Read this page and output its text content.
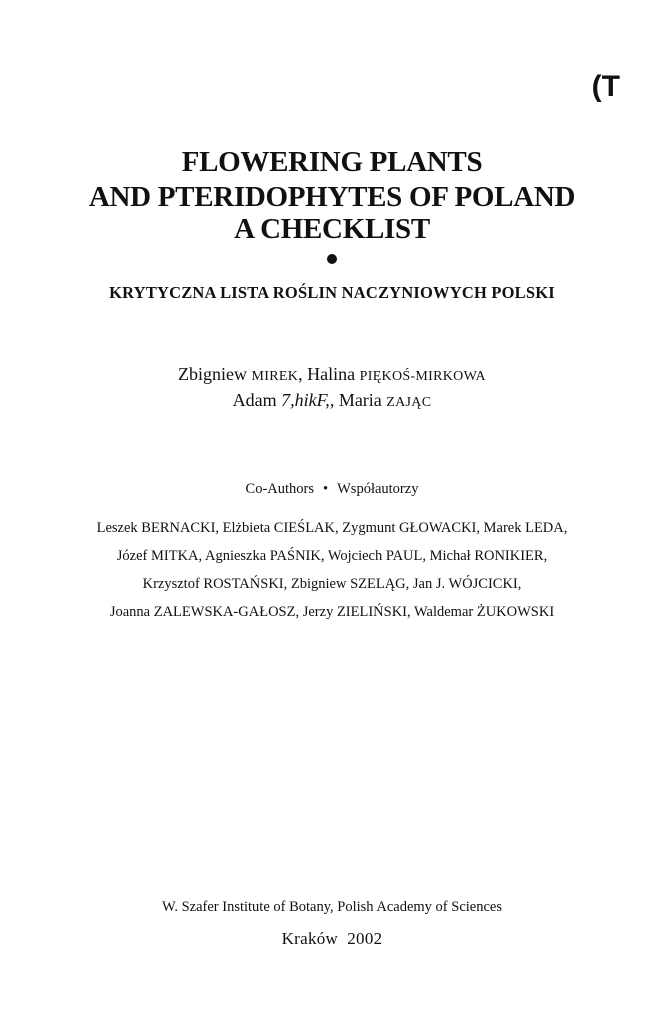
(T
FLOWERING PLANTS
AND PTERIDOPHYTES OF POLAND
A CHECKLIST
KRYTYCZNA LISTA ROŚLIN NACZYNIOWYCH POLSKI
Zbigniew MIREK, Halina PIĘKOŚ-MIRKOWA
Adam 7,hikF,, Maria ZAJĄC
Co-Authors • Współautorzy
Leszek BERNACKI, Elżbieta CIEŚLAK, Zygmunt GŁOWACKI, Marek LEDA,
Józef MITKA, Agnieszka PAŚNIK, Wojciech PAUL, Michał RONIKIER,
Krzysztof ROSTAŃSKI, Zbigniew SZELĄG, Jan J. WÓJCICKI,
Joanna ZALEWSKA-GAŁOSZ, Jerzy ZIELIŃSKI, Waldemar ŻUKOWSKI
W. Szafer Institute of Botany, Polish Academy of Sciences
Kraków  2002
